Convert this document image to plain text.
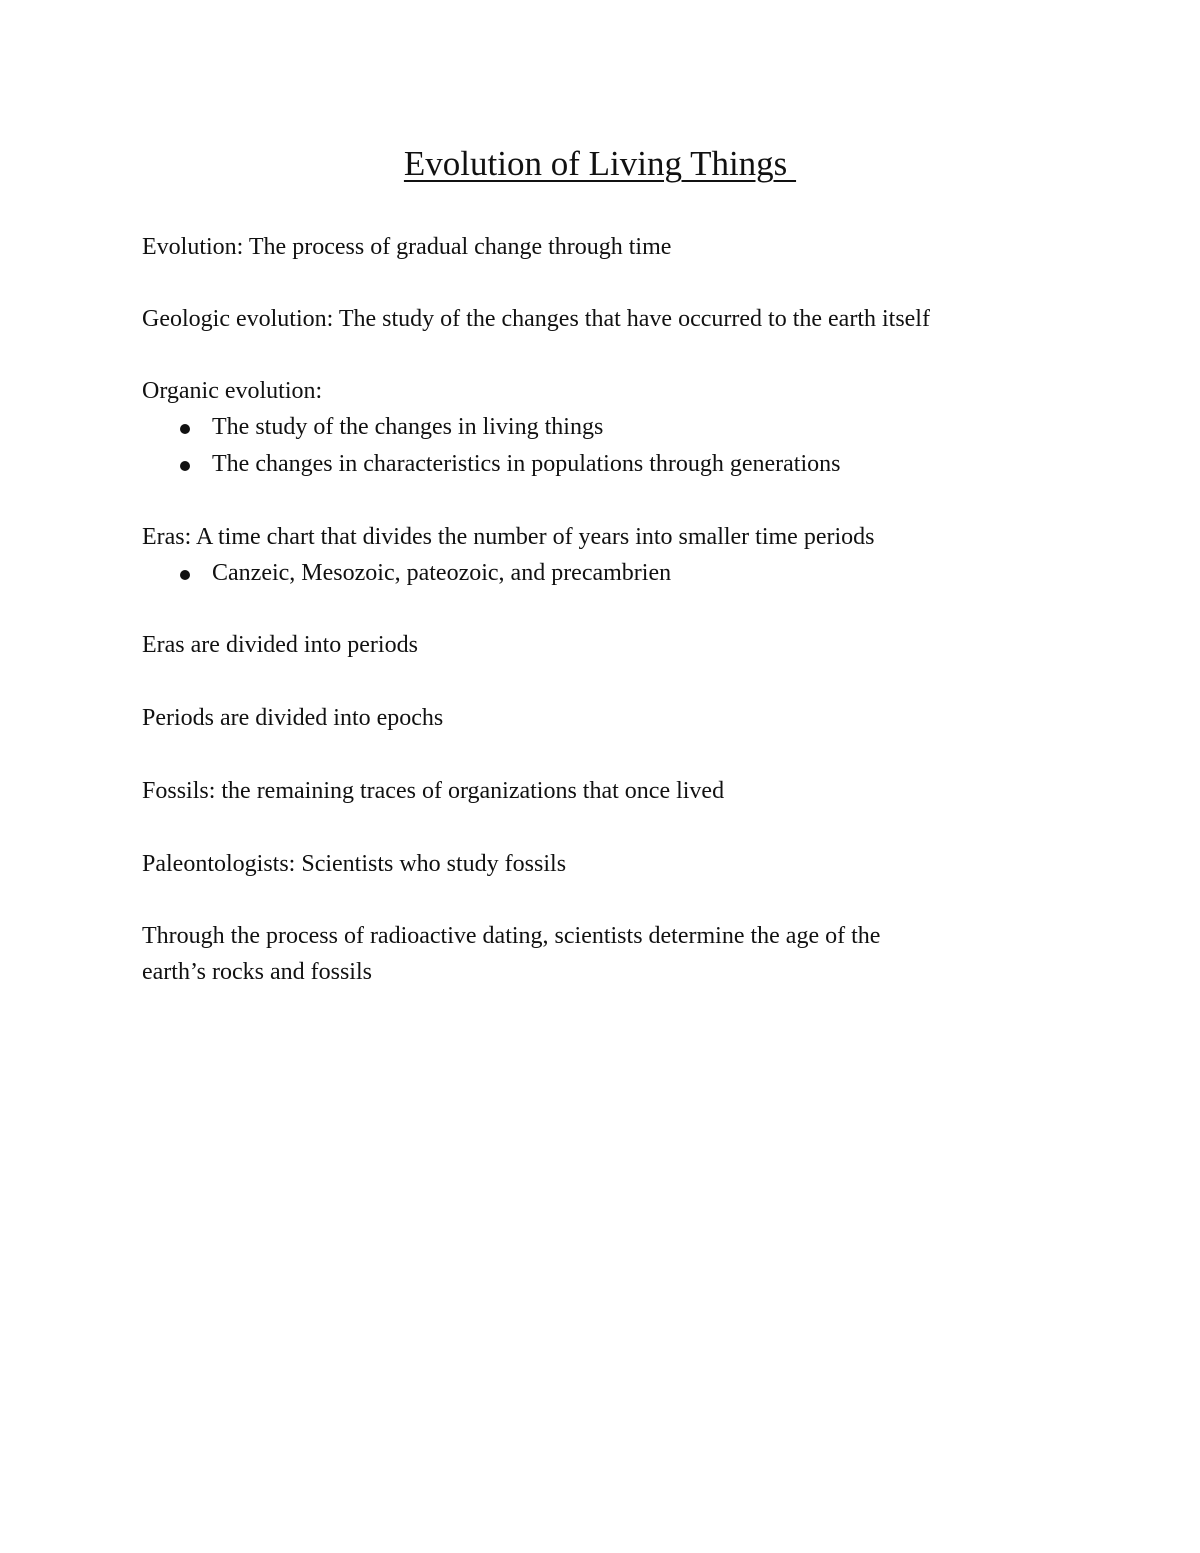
Evolution of Living Things

Evolution: The process of gradual change through time

Geologic evolution: The study of the changes that have occurred to the earth itself

Organic evolution:

The study of the changes in living things
The changes in characteristics in populations through generations

Eras: A time chart that divides the number of years into smaller time periods

Canzeic, Mesozoic, pateozoic, and precambrien

Eras are divided into periods

Periods are divided into epochs

Fossils: the remaining traces of organizations that once lived

Paleontologists: Scientists who study fossils

Through the process of radioactive dating, scientists determine the age of the

earth’s rocks and fossils
